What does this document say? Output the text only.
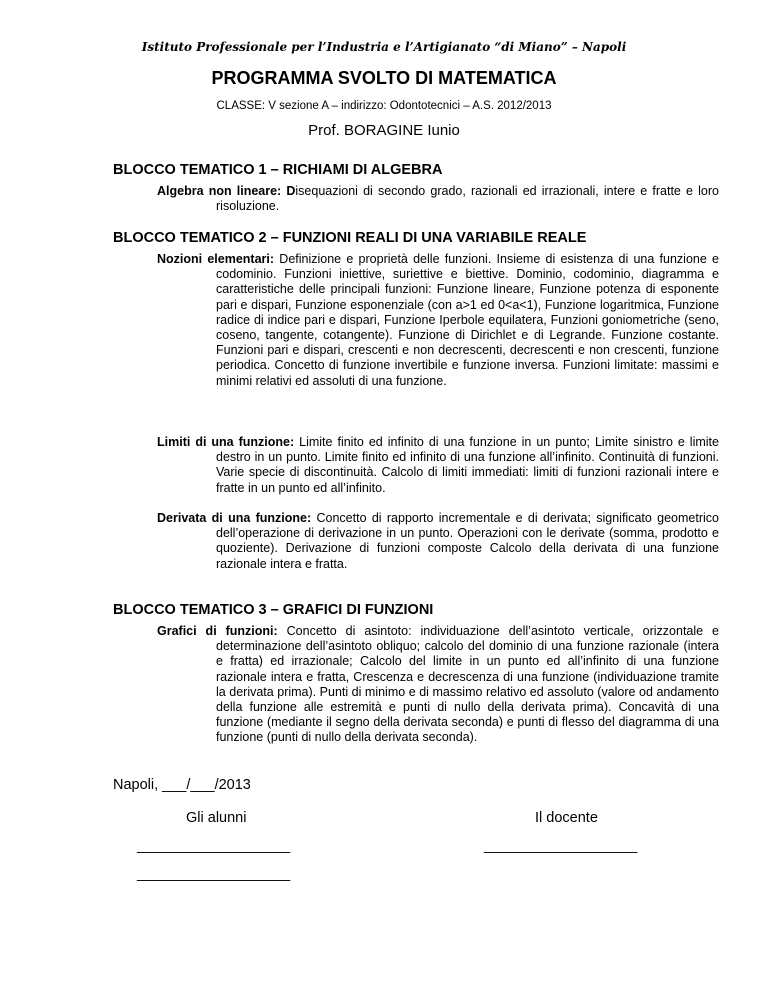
Istituto Professionale per l’Industria e l’Artigianato “di Miano” – Napoli
PROGRAMMA SVOLTO DI MATEMATICA
CLASSE: V sezione A – indirizzo: Odontotecnici – A.S. 2012/2013
Prof. BORAGINE Iunio
BLOCCO TEMATICO 1 – RICHIAMI DI ALGEBRA
Algebra non lineare: Disequazioni di secondo grado, razionali ed irrazionali, intere e fratte e loro risoluzione.
BLOCCO TEMATICO 2 – FUNZIONI REALI DI UNA VARIABILE REALE
Nozioni elementari: Definizione e proprietà delle funzioni. Insieme di esistenza di una funzione e codominio. Funzioni iniettive, suriettive e biettive. Dominio, codominio, diagramma e caratteristiche delle principali funzioni: Funzione lineare, Funzione potenza di esponente pari e dispari, Funzione esponenziale (con a>1 ed 0<a<1), Funzione logaritmica, Funzione radice di indice pari e dispari, Funzione Iperbole equilatera, Funzioni goniometriche (seno, coseno, tangente, cotangente). Funzione di Dirichlet e di Legrande. Funzione costante. Funzioni pari e dispari, crescenti e non decrescenti, decrescenti e non crescenti, funzione periodica. Concetto di funzione invertibile e funzione inversa. Funzioni limitate: massimi e minimi relativi ed assoluti di una funzione.
Limiti di una funzione: Limite finito ed infinito di una funzione in un punto; Limite sinistro e limite destro in un punto. Limite finito ed infinito di una funzione all’infinito. Continuità di funzioni. Varie specie di discontinuità. Calcolo di limiti immediati: limiti di funzioni razionali intere e fratte in un punto ed all’infinito.
Derivata di una funzione: Concetto di rapporto incrementale e di derivata; significato geometrico dell’operazione di derivazione in un punto. Operazioni con le derivate (somma, prodotto e quoziente). Derivazione di funzioni composte Calcolo della derivata di una funzione razionale intera e fratta.
BLOCCO TEMATICO 3 – GRAFICI DI FUNZIONI
Grafici di funzioni: Concetto di asintoto: individuazione dell’asintoto verticale, orizzontale e determinazione dell’asintoto obliquo; calcolo del dominio di una funzione razionale (intera e fratta) ed irrazionale; Calcolo del limite in un punto ed all’infinito di una funzione razionale intera e fratta, Crescenza e decrescenza di una funzione (individuazione tramite la derivata prima). Punti di minimo e di massimo relativo ed assoluto (valore od andamento della funzione alle estremità e punti di nullo della derivata prima). Concavità di una funzione (mediante il segno della derivata seconda) e punti di flesso del diagramma di una funzione (punti di nullo della derivata seconda).
Napoli, ___/___/2013
Gli alunni	Il docente
___________________	___________________
___________________
